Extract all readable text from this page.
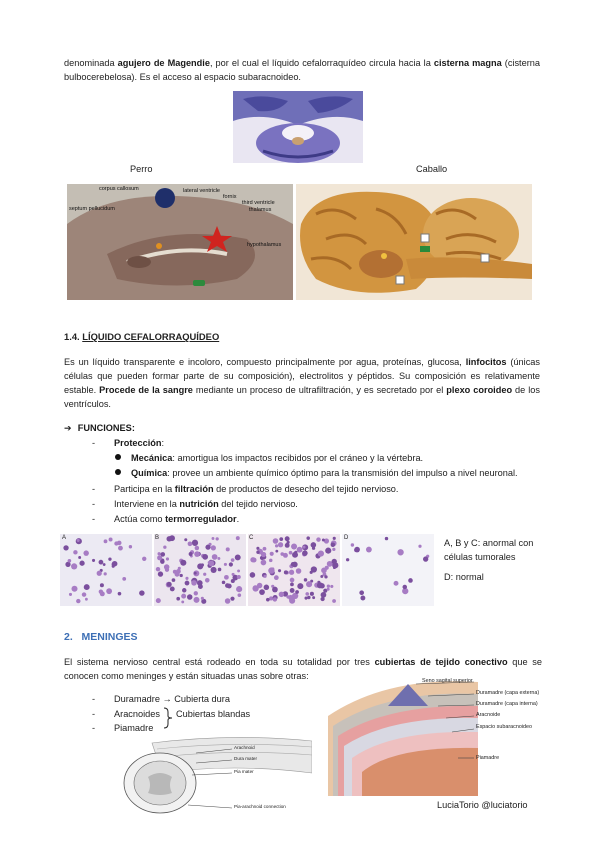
denominada agujero de Magendie, por el cual el líquido cefalorraquídeo circula hacia la cisterna magna (cisterna bulbocerebelosa). Es el acceso al espacio subaracnoideo.
Perro	Caballo
corpus callosum	lateral ventricle
fornix
third ventricle
thalamus
septum pellucidum
hypothalamus
1.4. LÍQUIDO CEFALORRAQUÍDEO
Es un líquido transparente e incoloro, compuesto principalmente por agua, proteínas, glucosa, linfocitos (únicas células que pueden formar parte de su composición), electrolitos y péptidos. Su composición es relativamente estable. Procede de la sangre mediante un proceso de ultrafiltración, y es secretado por el plexo coroideo de los ventrículos.
➔ FUNCIONES:
- Protección:
Mecánica: amortigua los impactos recibidos por el cráneo y la vértebra.
Química: provee un ambiente químico óptimo para la transmisión del impulso a nivel neuronal.
- Participa en la filtración de productos de desecho del tejido nervioso.
- Interviene en la nutrición del tejido nervioso.
- Actúa como termorregulador.
A	B	C	D	A, B y C: anormal con células tumorales
D: normal
2. MENINGES
El sistema nervioso central está rodeado en toda su totalidad por tres cubiertas de tejido conectivo que se conocen como meninges y están situadas unas sobre otras:
- Duramadre → Cubierta dura
- Aracnoides
- Piamadre
Cubiertas blandas
Arachnoid
Dura mater
Pia mater
Pia-arachnoid connection
Seno sagital superior
Duramadre (capa externa)
Duramadre (capa interna)
Aracnoide
Espacio subaracnoideo
Piamadre
LuciaTorio @luciatorio
